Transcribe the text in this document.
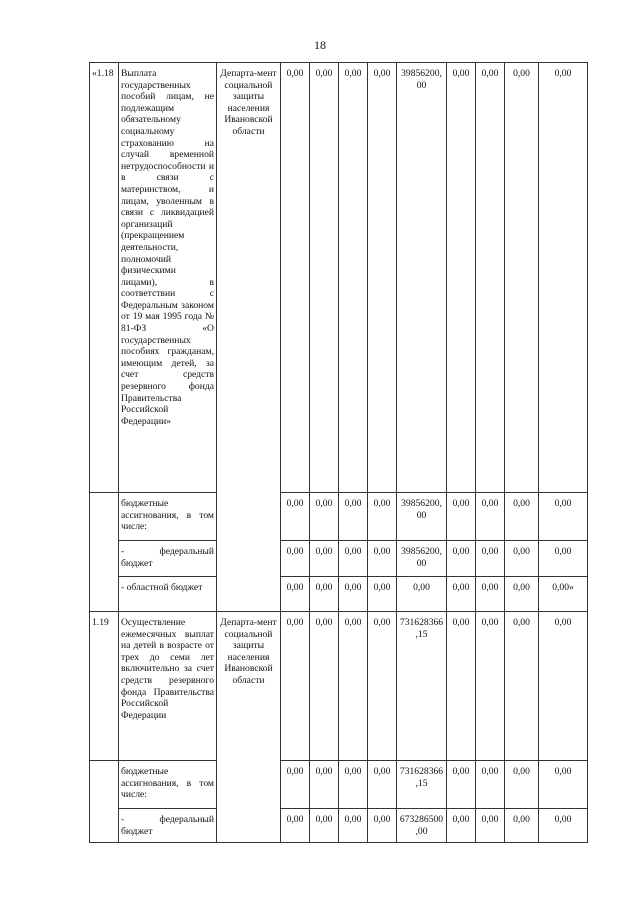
18
«1.18	Выплата государственных пособий лицам, не подлежащим обязательному социальному страхованию на случай временной нетрудоспособности и в связи с материнством, и лицам, уволенным в связи с ликвидацией организаций (прекращением деятельности, полномочий физическими лицами), в соответствии с Федеральным законом от 19 мая 1995 года № 81-ФЗ «О государственных пособиях гражданам, имеющим детей, за счет средств резервного фонда Правительства Российской Федерации»	Департа-мент социальной защиты населения Ивановской области	0,00	0,00	0,00	0,00	39856200,00	0,00	0,00	0,00	0,00
	бюджетные ассигнования, в том числе:		0,00	0,00	0,00	0,00	39856200,00	0,00	0,00	0,00	0,00
	- федеральный бюджет		0,00	0,00	0,00	0,00	39856200,00	0,00	0,00	0,00	0,00
	- областной бюджет		0,00	0,00	0,00	0,00	0,00	0,00	0,00	0,00	0,00»
1.19	Осуществление ежемесячных выплат на детей в возрасте от трех до семи лет включительно за счет средств резервного фонда Правительства Российской Федерации	Департа-мент социальной защиты населения Ивановской области	0,00	0,00	0,00	0,00	731628366,15	0,00	0,00	0,00	0,00
	бюджетные ассигнования, в том числе:		0,00	0,00	0,00	0,00	731628366,15	0,00	0,00	0,00	0,00
	- федеральный бюджет		0,00	0,00	0,00	0,00	673286500,00	0,00	0,00	0,00	0,00
